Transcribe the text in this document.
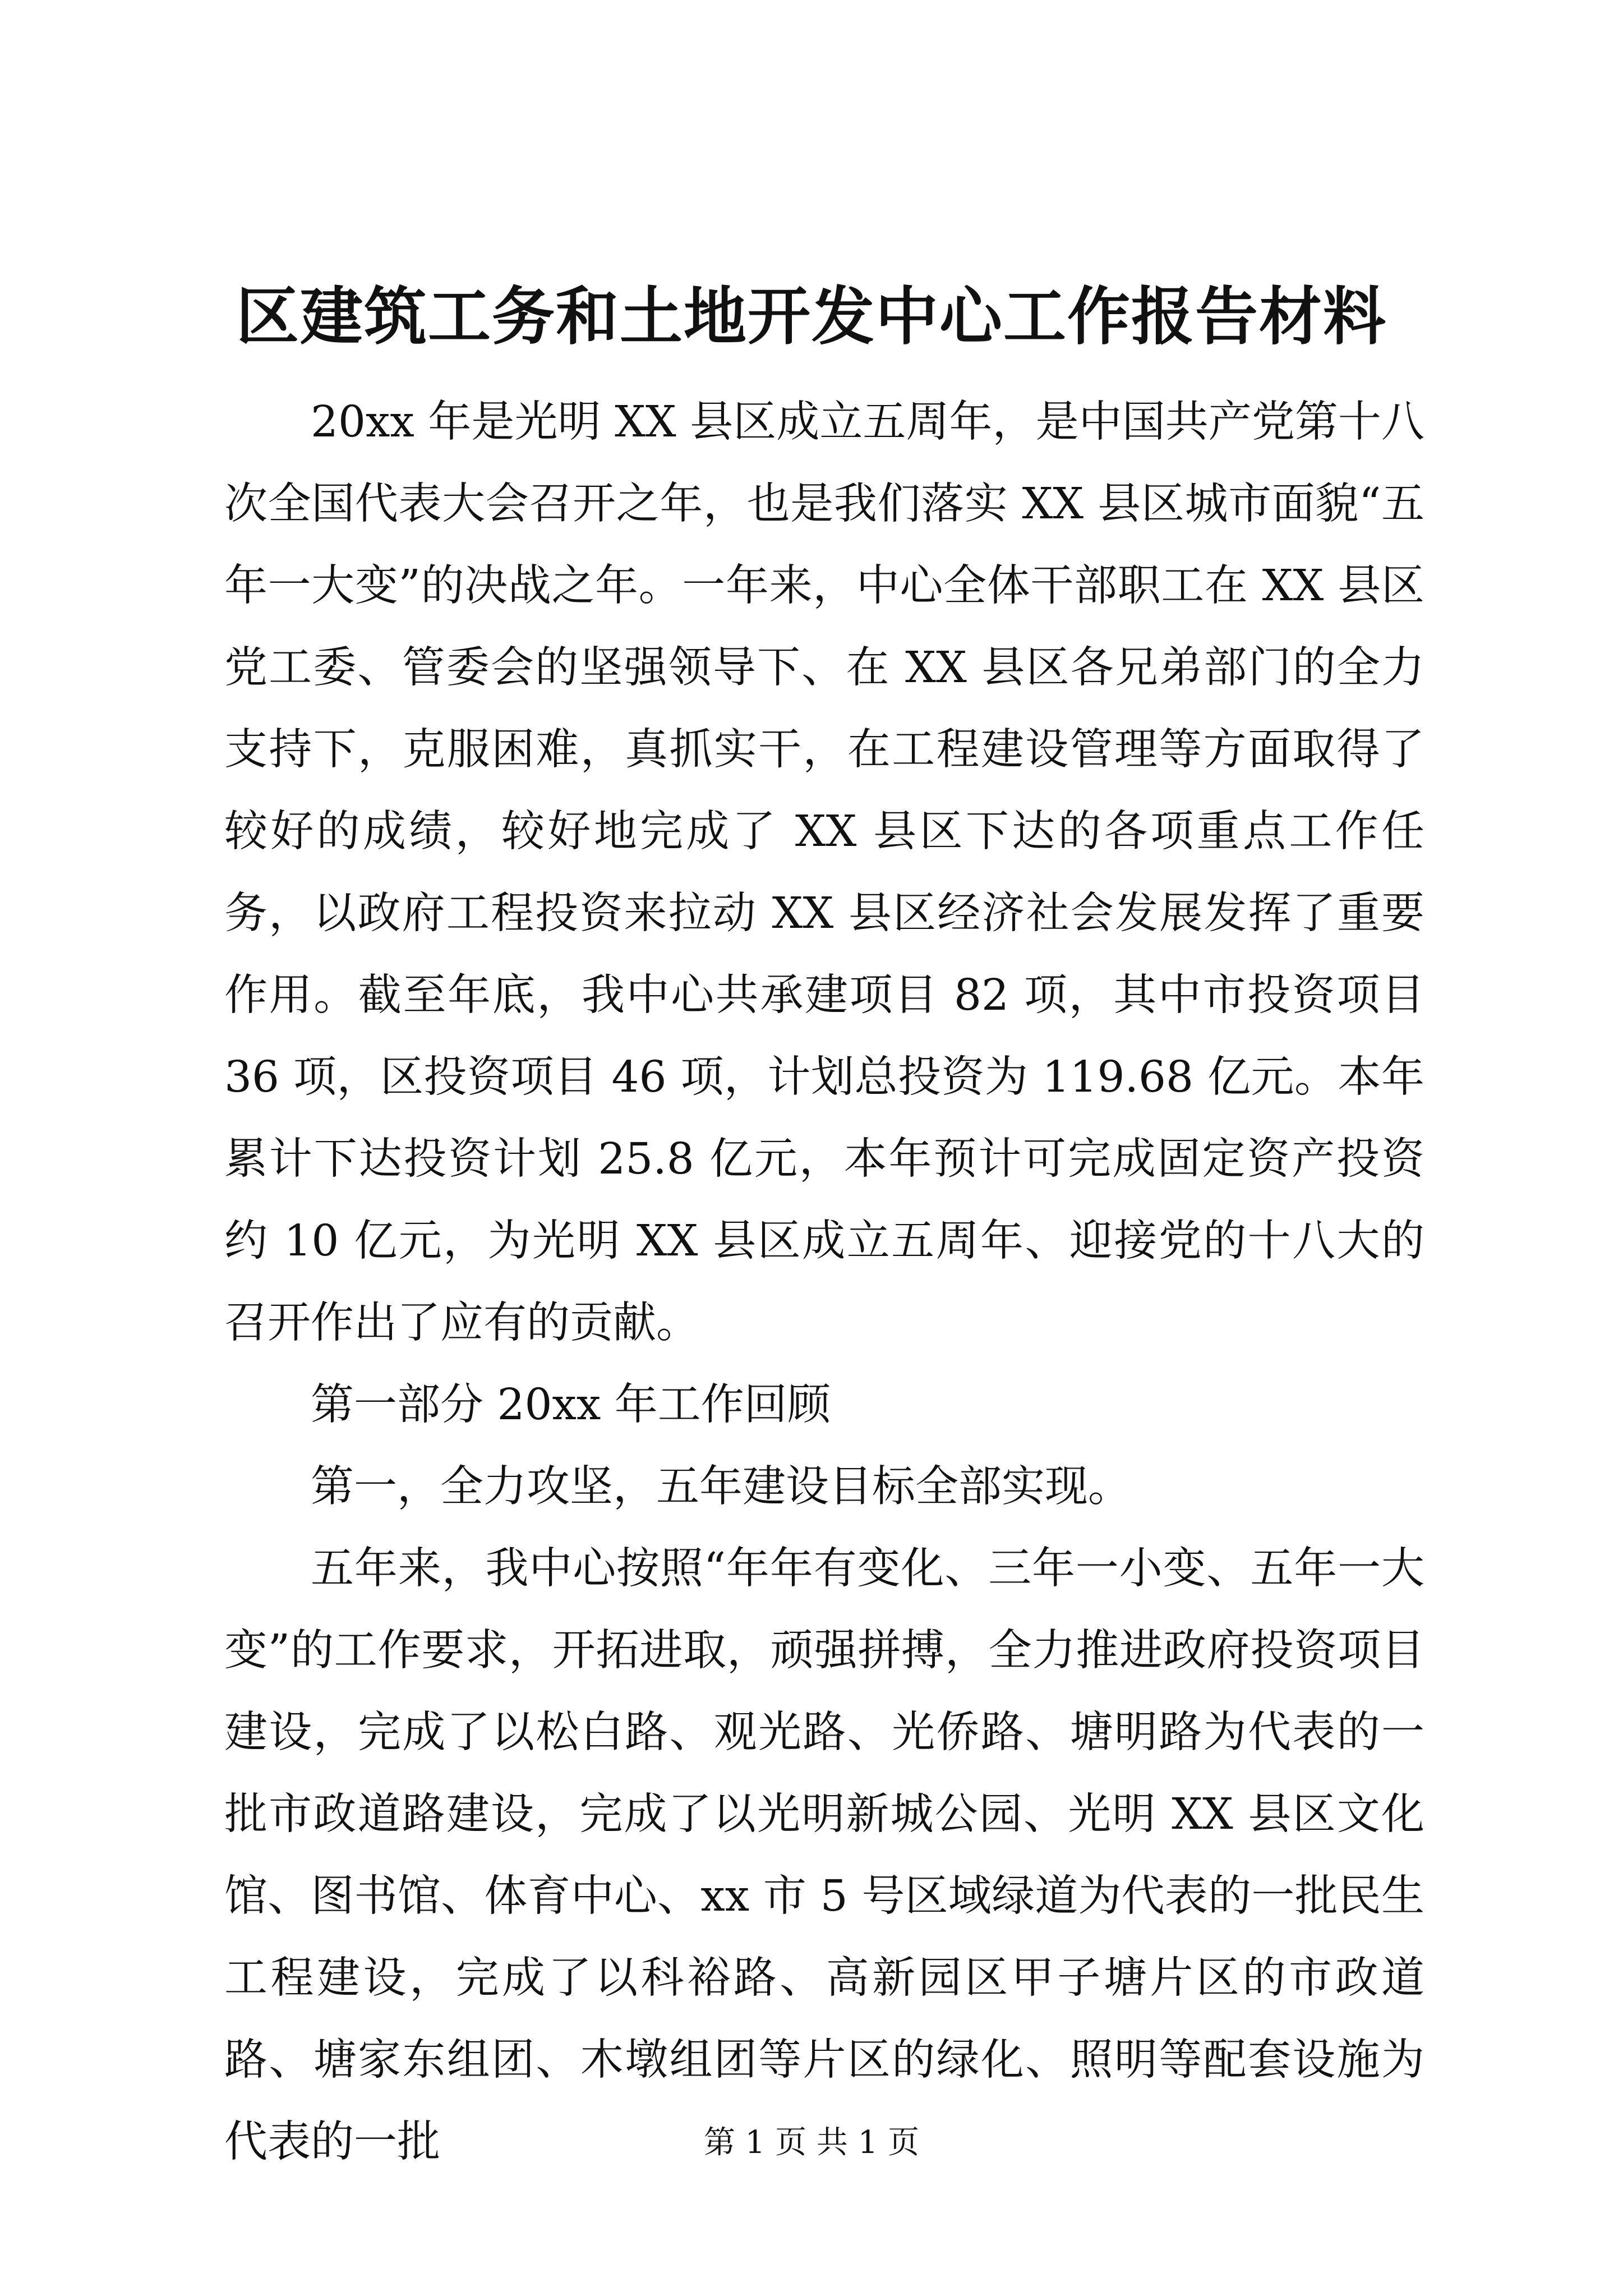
区建筑工务和土地开发中心工作报告材料

20xx 年是光明 XX 县区成立五周年，是中国共产党第十八次全国代表大会召开之年，也是我们落实 XX 县区城市面貌“五年一大变”的决战之年。一年来，中心全体干部职工在 XX 县区党工委、管委会的坚强领导下、在 XX 县区各兄弟部门的全力支持下，克服困难，真抓实干，在工程建设管理等方面取得了较好的成绩，较好地完成了 XX 县区下达的各项重点工作任务，以政府工程投资来拉动 XX 县区经济社会发展发挥了重要作用。截至年底，我中心共承建项目 82 项，其中市投资项目 36 项，区投资项目 46 项，计划总投资为 119.68 亿元。本年累计下达投资计划 25.8 亿元，本年预计可完成固定资产投资约 10 亿元，为光明 XX 县区成立五周年、迎接党的十八大的召开作出了应有的贡献。

第一部分 20xx 年工作回顾

第一，全力攻坚，五年建设目标全部实现。

五年来，我中心按照“年年有变化、三年一小变、五年一大变”的工作要求，开拓进取，顽强拼搏，全力推进政府投资项目建设，完成了以松白路、观光路、光侨路、塘明路为代表的一批市政道路建设，完成了以光明新城公园、光明 XX 县区文化馆、图书馆、体育中心、xx 市 5 号区域绿道为代表的一批民生工程建设，完成了以科裕路、高新园区甲子塘片区的市政道路、塘家东组团、木墩组团等片区的绿化、照明等配套设施为代表的一批	第 1 页 共 1 页
